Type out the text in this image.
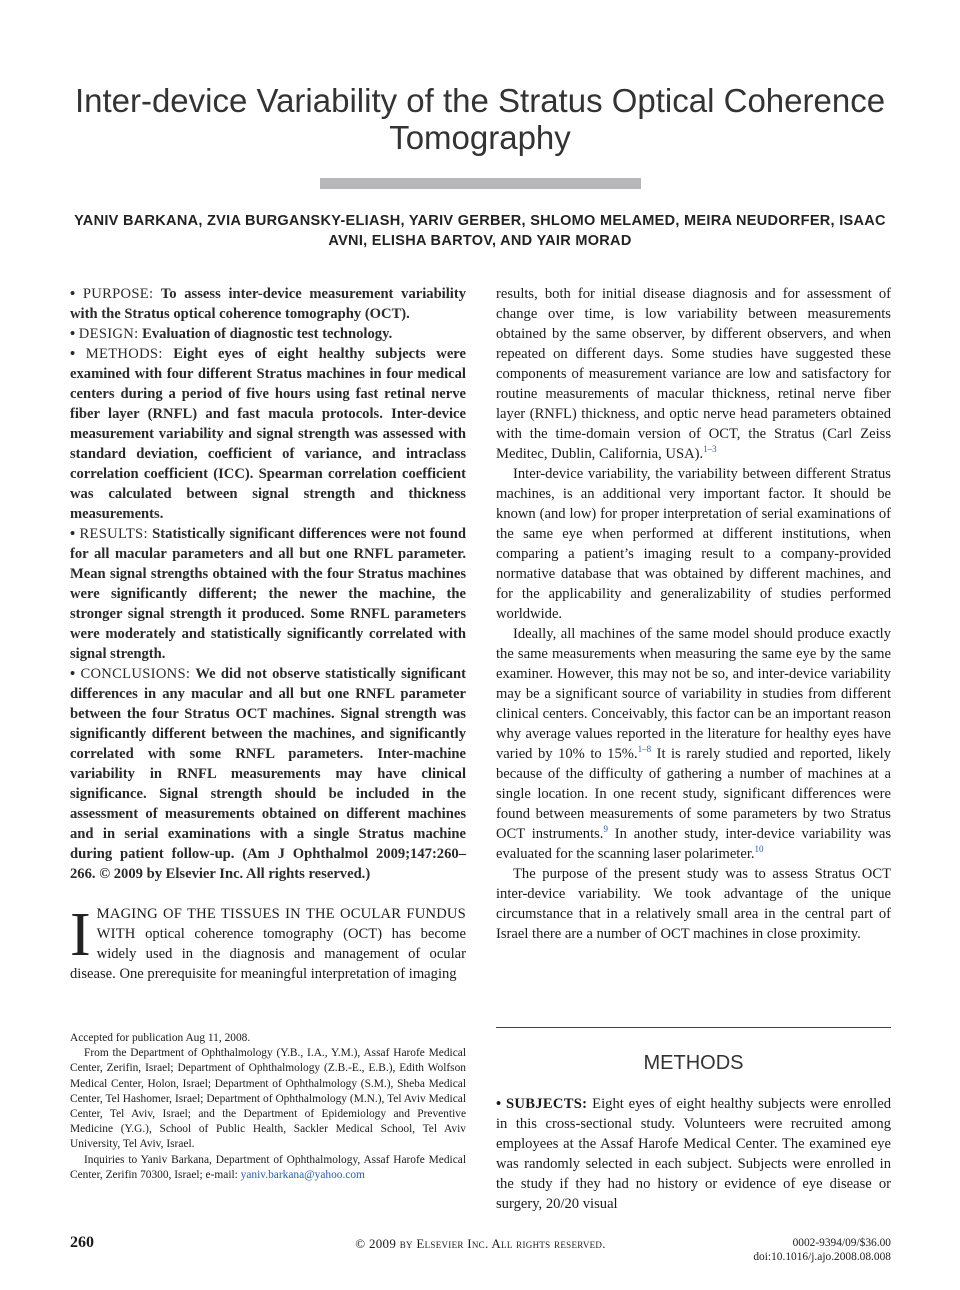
Inter-device Variability of the Stratus Optical Coherence Tomography
YANIV BARKANA, ZVIA BURGANSKY-ELIASH, YARIV GERBER, SHLOMO MELAMED, MEIRA NEUDORFER, ISAAC AVNI, ELISHA BARTOV, AND YAIR MORAD

• PURPOSE: To assess inter-device measurement variability with the Stratus optical coherence tomography (OCT).

• DESIGN: Evaluation of diagnostic test technology.

• METHODS: Eight eyes of eight healthy subjects were examined with four different Stratus machines in four medical centers during a period of five hours using fast retinal nerve fiber layer (RNFL) and fast macula protocols. Inter-device measurement variability and signal strength was assessed with standard deviation, coefficient of variance, and intraclass correlation coefficient (ICC). Spearman correlation coefficient was calculated between signal strength and thickness measurements.

• RESULTS: Statistically significant differences were not found for all macular parameters and all but one RNFL parameter. Mean signal strengths obtained with the four Stratus machines were significantly different; the newer the machine, the stronger signal strength it produced. Some RNFL parameters were moderately and statistically significantly correlated with signal strength.

• CONCLUSIONS: We did not observe statistically significant differences in any macular and all but one RNFL parameter between the four Stratus OCT machines. Signal strength was significantly different between the machines, and significantly correlated with some RNFL parameters. Inter-machine variability in RNFL measurements may have clinical significance. Signal strength should be included in the assessment of measurements obtained on different machines and in serial examinations with a single Stratus machine during patient follow-up. (Am J Ophthalmol 2009;147:260–266. © 2009 by Elsevier Inc. All rights reserved.)

IMAGING OF THE TISSUES IN THE OCULAR FUNDUS WITH optical coherence tomography (OCT) has become widely used in the diagnosis and management of ocular disease. One prerequisite for meaningful interpretation of imaging

results, both for initial disease diagnosis and for assessment of change over time, is low variability between measurements obtained by the same observer, by different observers, and when repeated on different days. Some studies have suggested these components of measurement variance are low and satisfactory for routine measurements of macular thickness, retinal nerve fiber layer (RNFL) thickness, and optic nerve head parameters obtained with the time-domain version of OCT, the Stratus (Carl Zeiss Meditec, Dublin, California, USA).$^{1-3}$

Inter-device variability, the variability between different Stratus machines, is an additional very important factor. It should be known (and low) for proper interpretation of serial examinations of the same eye when performed at different institutions, when comparing a patient’s imaging result to a company-provided normative database that was obtained by different machines, and for the applicability and generalizability of studies performed worldwide.

Ideally, all machines of the same model should produce exactly the same measurements when measuring the same eye by the same examiner. However, this may not be so, and inter-device variability may be a significant source of variability in studies from different clinical centers. Conceivably, this factor can be an important reason why average values reported in the literature for healthy eyes have varied by 10% to 15%.$^{1-8}$ It is rarely studied and reported, likely because of the difficulty of gathering a number of machines at a single location. In one recent study, significant differences were found between measurements of some parameters by two Stratus OCT instruments.$^9$ In another study, inter-device variability was evaluated for the scanning laser polarimeter.$^{10}$

The purpose of the present study was to assess Stratus OCT inter-device variability. We took advantage of the unique circumstance that in a relatively small area in the central part of Israel there are a number of OCT machines in close proximity.

METHODS
• SUBJECTS: Eight eyes of eight healthy subjects were enrolled in this cross-sectional study. Volunteers were recruited among employees at the Assaf Harofe Medical Center. The examined eye was randomly selected in each subject. Subjects were enrolled in the study if they had no history or evidence of eye disease or surgery, 20/20 visual

Accepted for publication Aug 11, 2008.

From the Department of Ophthalmology (Y.B., I.A., Y.M.), Assaf Harofe Medical Center, Zerifin, Israel; Department of Ophthalmology (Z.B.-E., E.B.), Edith Wolfson Medical Center, Holon, Israel; Department of Ophthalmology (S.M.), Sheba Medical Center, Tel Hashomer, Israel; Department of Ophthalmology (M.N.), Tel Aviv Medical Center, Tel Aviv, Israel; and the Department of Epidemiology and Preventive Medicine (Y.G.), School of Public Health, Sackler Medical School, Tel Aviv University, Tel Aviv, Israel.

Inquiries to Yaniv Barkana, Department of Ophthalmology, Assaf Harofe Medical Center, Zerifin 70300, Israel; e-mail: yaniv.barkana@yahoo.com

260	© 2009 by Elsevier Inc. All rights reserved.	0002-9394/09/$36.00
doi:10.1016/j.ajo.2008.08.008
